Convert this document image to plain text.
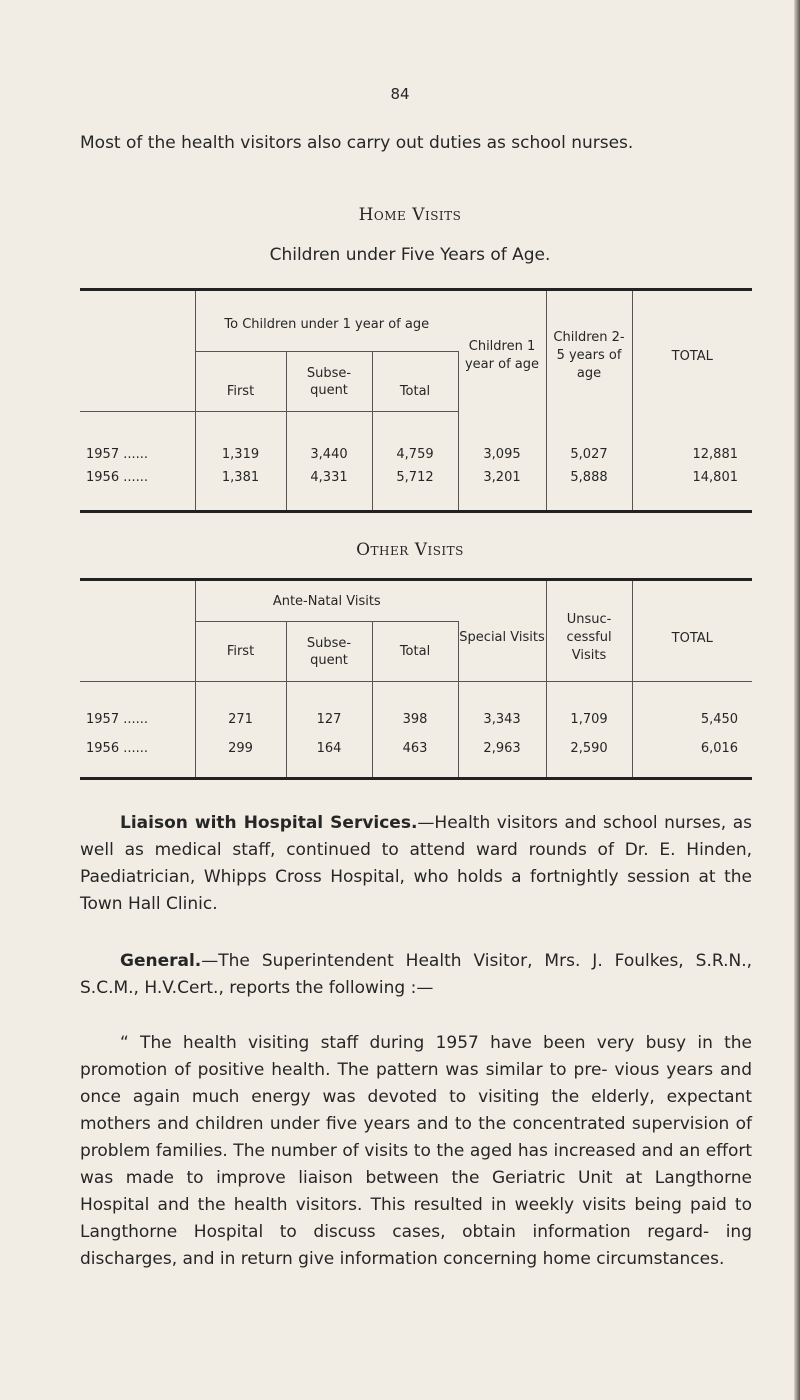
84
Most of the health visitors also carry out duties as school nurses.
Home Visits
Children under Five Years of Age.
	To Children under 1 year of age			Children 1 year of age	Children 2-5 years of age	TOTAL
	First	Subse- quent	Total			
1957 ......	1,319	3,440	4,759	3,095	5,027	12,881
1956 ......	1,381	4,331	5,712	3,201	5,888	14,801
Other Visits
	Ante-Natal Visits			Special Visits	Unsuc- cessful Visits	TOTAL
	First	Subse- quent	Total			
1957 ......	271	127	398	3,343	1,709	5,450
1956 ......	299	164	463	2,963	2,590	6,016
Liaison with Hospital Services.—Health visitors and school nurses, as well as medical staff, continued to attend ward rounds of Dr. E. Hinden, Paediatrician, Whipps Cross Hospital, who holds a fortnightly session at the Town Hall Clinic.
General.—The Superintendent Health Visitor, Mrs. J. Foulkes, S.R.N., S.C.M., H.V.Cert., reports the following :—
“ The health visiting staff during 1957 have been very busy in the promotion of positive health. The pattern was similar to pre- vious years and once again much energy was devoted to visiting the elderly, expectant mothers and children under five years and to the concentrated supervision of problem families. The number of visits to the aged has increased and an effort was made to improve liaison between the Geriatric Unit at Langthorne Hospital and the health visitors. This resulted in weekly visits being paid to Langthorne Hospital to discuss cases, obtain information regard- ing discharges, and in return give information concerning home circumstances.
